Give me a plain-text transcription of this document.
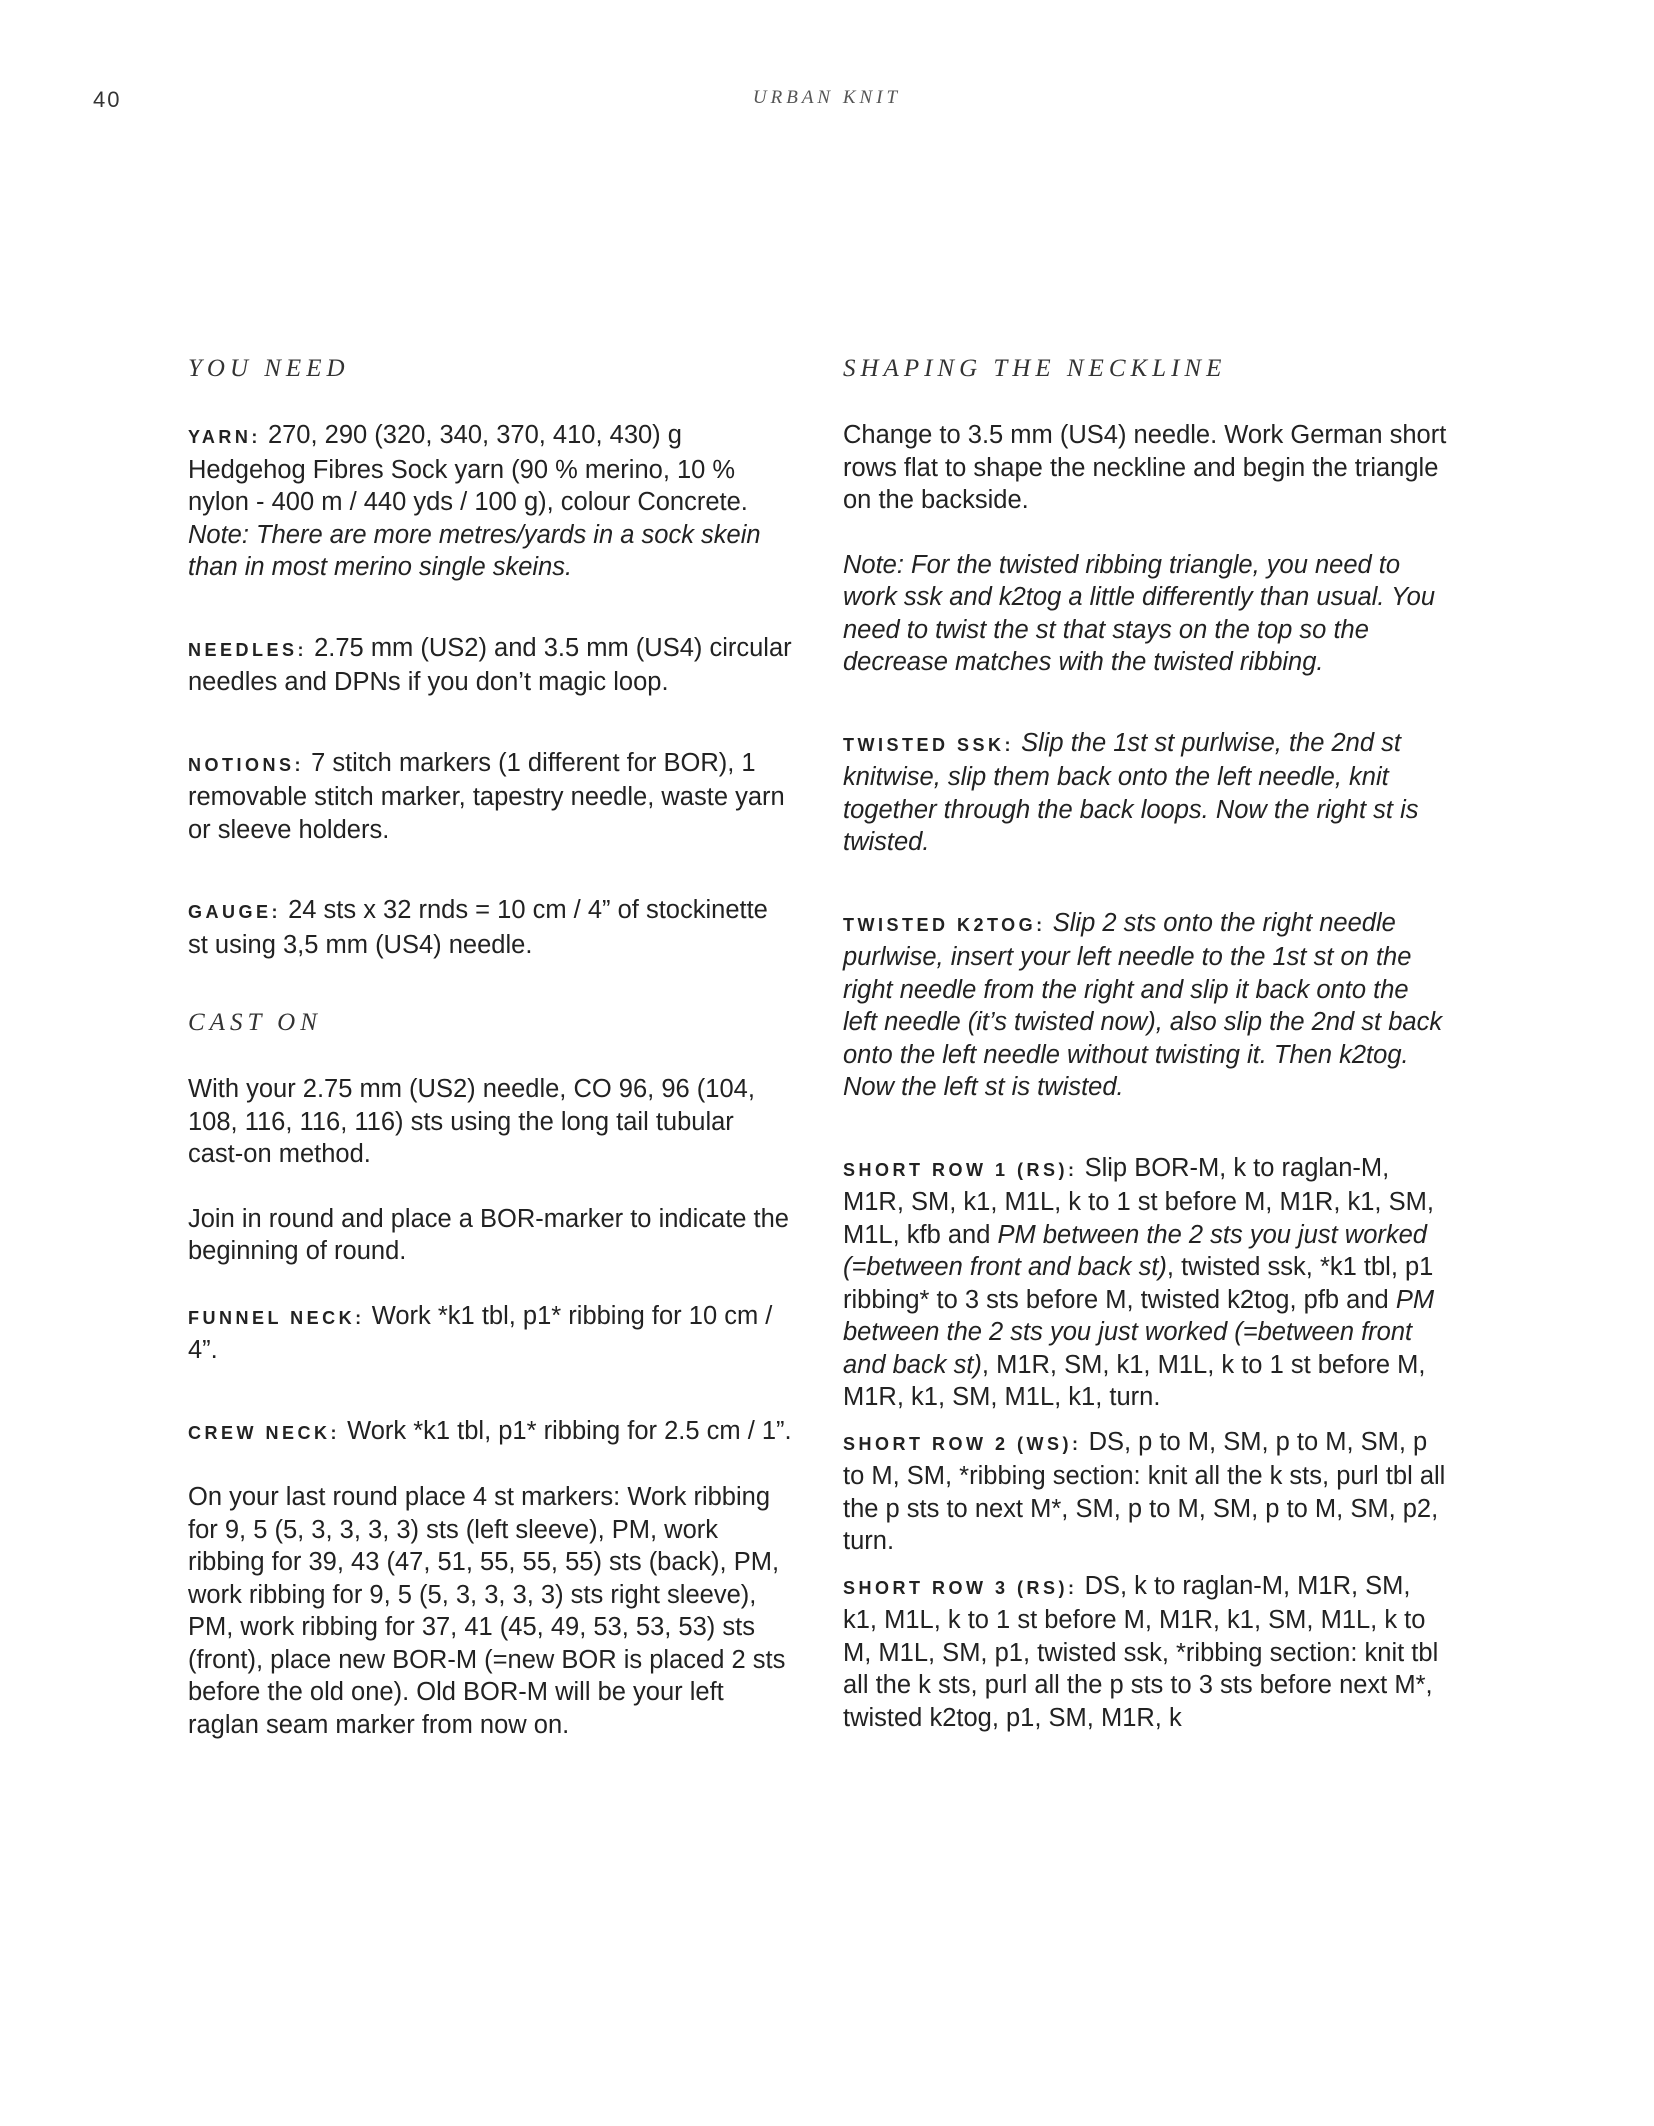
40	URBAN KNIT
YOU NEED

YARN: 270, 290 (320, 340, 370, 410, 430) g Hedgehog Fibres Sock yarn (90 % merino, 10 % nylon - 400 m / 440 yds / 100 g), colour Concrete. Note: There are more metres/yards in a sock skein than in most merino single skeins.

NEEDLES: 2.75 mm (US2) and 3.5 mm (US4) circular needles and DPNs if you don’t magic loop.

NOTIONS: 7 stitch markers (1 different for BOR), 1 removable stitch marker, tapestry needle, waste yarn or sleeve holders.

GAUGE: 24 sts x 32 rnds = 10 cm / 4” of stockinette st using 3,5 mm (US4) needle.

CAST ON

With your 2.75 mm (US2) needle, CO 96, 96 (104, 108, 116, 116, 116) sts using the long tail tubular cast-on method.

Join in round and place a BOR-marker to indicate the beginning of round.

FUNNEL NECK: Work *k1 tbl, p1* ribbing for 10 cm / 4”.

CREW NECK: Work *k1 tbl, p1* ribbing for 2.5 cm / 1”.

On your last round place 4 st markers: Work ribbing for 9, 5 (5, 3, 3, 3, 3) sts (left sleeve), PM, work ribbing for 39, 43 (47, 51, 55, 55, 55) sts (back), PM, work ribbing for 9, 5 (5, 3, 3, 3, 3) sts right sleeve), PM, work ribbing for 37, 41 (45, 49, 53, 53, 53) sts (front), place new BOR-M (=new BOR is placed 2 sts before the old one). Old BOR-M will be your left raglan seam marker from now on.

SHAPING THE NECKLINE

Change to 3.5 mm (US4) needle. Work German short rows flat to shape the neckline and begin the triangle on the backside.

Note: For the twisted ribbing triangle, you need to work ssk and k2tog a little differently than usual. You need to twist the st that stays on the top so the decrease matches with the twisted ribbing.

TWISTED SSK: Slip the 1st st purlwise, the 2nd st knitwise, slip them back onto the left needle, knit together through the back loops. Now the right st is twisted.

TWISTED K2TOG: Slip 2 sts onto the right needle purlwise, insert your left needle to the 1st st on the right needle from the right and slip it back onto the left needle (it’s twisted now), also slip the 2nd st back onto the left needle without twisting it. Then k2tog. Now the left st is twisted.

SHORT ROW 1 (RS): Slip BOR-M, k to raglan-M, M1R, SM, k1, M1L, k to 1 st before M, M1R, k1, SM, M1L, kfb and PM between the 2 sts you just worked (=between front and back st), twisted ssk, *k1 tbl, p1 ribbing* to 3 sts before M, twisted k2tog, pfb and PM between the 2 sts you just worked (=between front and back st), M1R, SM, k1, M1L, k to 1 st before M, M1R, k1, SM, M1L, k1, turn.

SHORT ROW 2 (WS): DS, p to M, SM, p to M, SM, p to M, SM, *ribbing section: knit all the k sts, purl tbl all the p sts to next M*, SM, p to M, SM, p to M, SM, p2, turn.

SHORT ROW 3 (RS): DS, k to raglan-M, M1R, SM, k1, M1L, k to 1 st before M, M1R, k1, SM, M1L, k to M, M1L, SM, p1, twisted ssk, *ribbing section: knit tbl all the k sts, purl all the p sts to 3 sts before next M*, twisted k2tog, p1, SM, M1R, k
